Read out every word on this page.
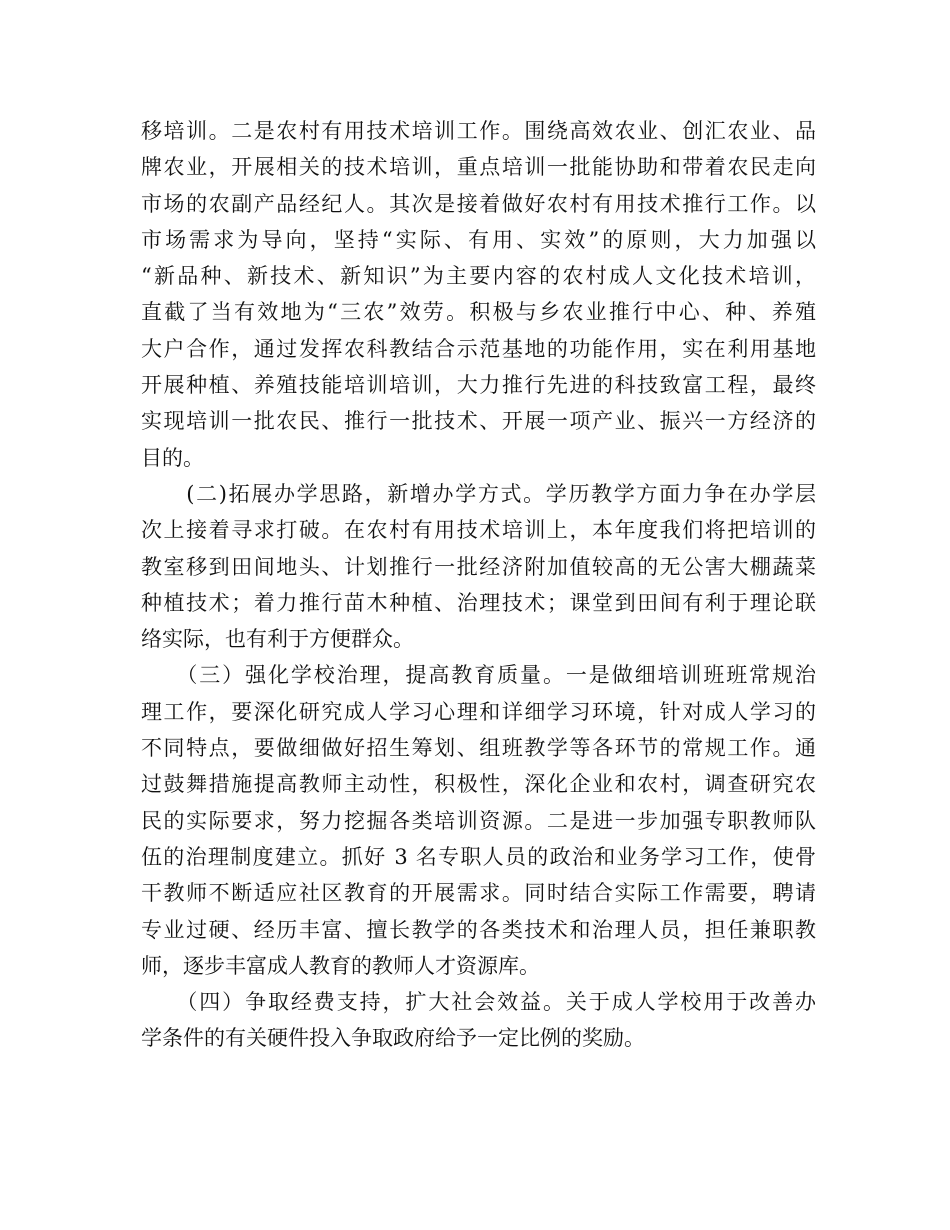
移培训。二是农村有用技术培训工作。围绕高效农业、创汇农业、品
牌农业，开展相关的技术培训，重点培训一批能协助和带着农民走向
市场的农副产品经纪人。其次是接着做好农村有用技术推行工作。以
市场需求为导向，坚持“实际、有用、实效”的原则，大力加强以
“新品种、新技术、新知识”为主要内容的农村成人文化技术培训，
直截了当有效地为“三农”效劳。积极与乡农业推行中心、种、养殖
大户合作，通过发挥农科教结合示范基地的功能作用，实在利用基地
开展种植、养殖技能培训培训，大力推行先进的科技致富工程，最终
实现培训一批农民、推行一批技术、开展一项产业、振兴一方经济的
目的。
　　(二)拓展办学思路，新增办学方式。学历教学方面力争在办学层
次上接着寻求打破。在农村有用技术培训上，本年度我们将把培训的
教室移到田间地头、计划推行一批经济附加值较高的无公害大棚蔬菜
种植技术；着力推行苗木种植、治理技术；课堂到田间有利于理论联
络实际，也有利于方便群众。
　　（三）强化学校治理，提高教育质量。一是做细培训班班常规治
理工作，要深化研究成人学习心理和详细学习环境，针对成人学习的
不同特点，要做细做好招生筹划、组班教学等各环节的常规工作。通
过鼓舞措施提高教师主动性，积极性，深化企业和农村，调查研究农
民的实际要求，努力挖掘各类培训资源。二是进一步加强专职教师队
伍的治理制度建立。抓好 3 名专职人员的政治和业务学习工作，使骨
干教师不断适应社区教育的开展需求。同时结合实际工作需要，聘请
专业过硬、经历丰富、擅长教学的各类技术和治理人员，担任兼职教
师，逐步丰富成人教育的教师人才资源库。
　　（四）争取经费支持，扩大社会效益。关于成人学校用于改善办
学条件的有关硬件投入争取政府给予一定比例的奖励。
